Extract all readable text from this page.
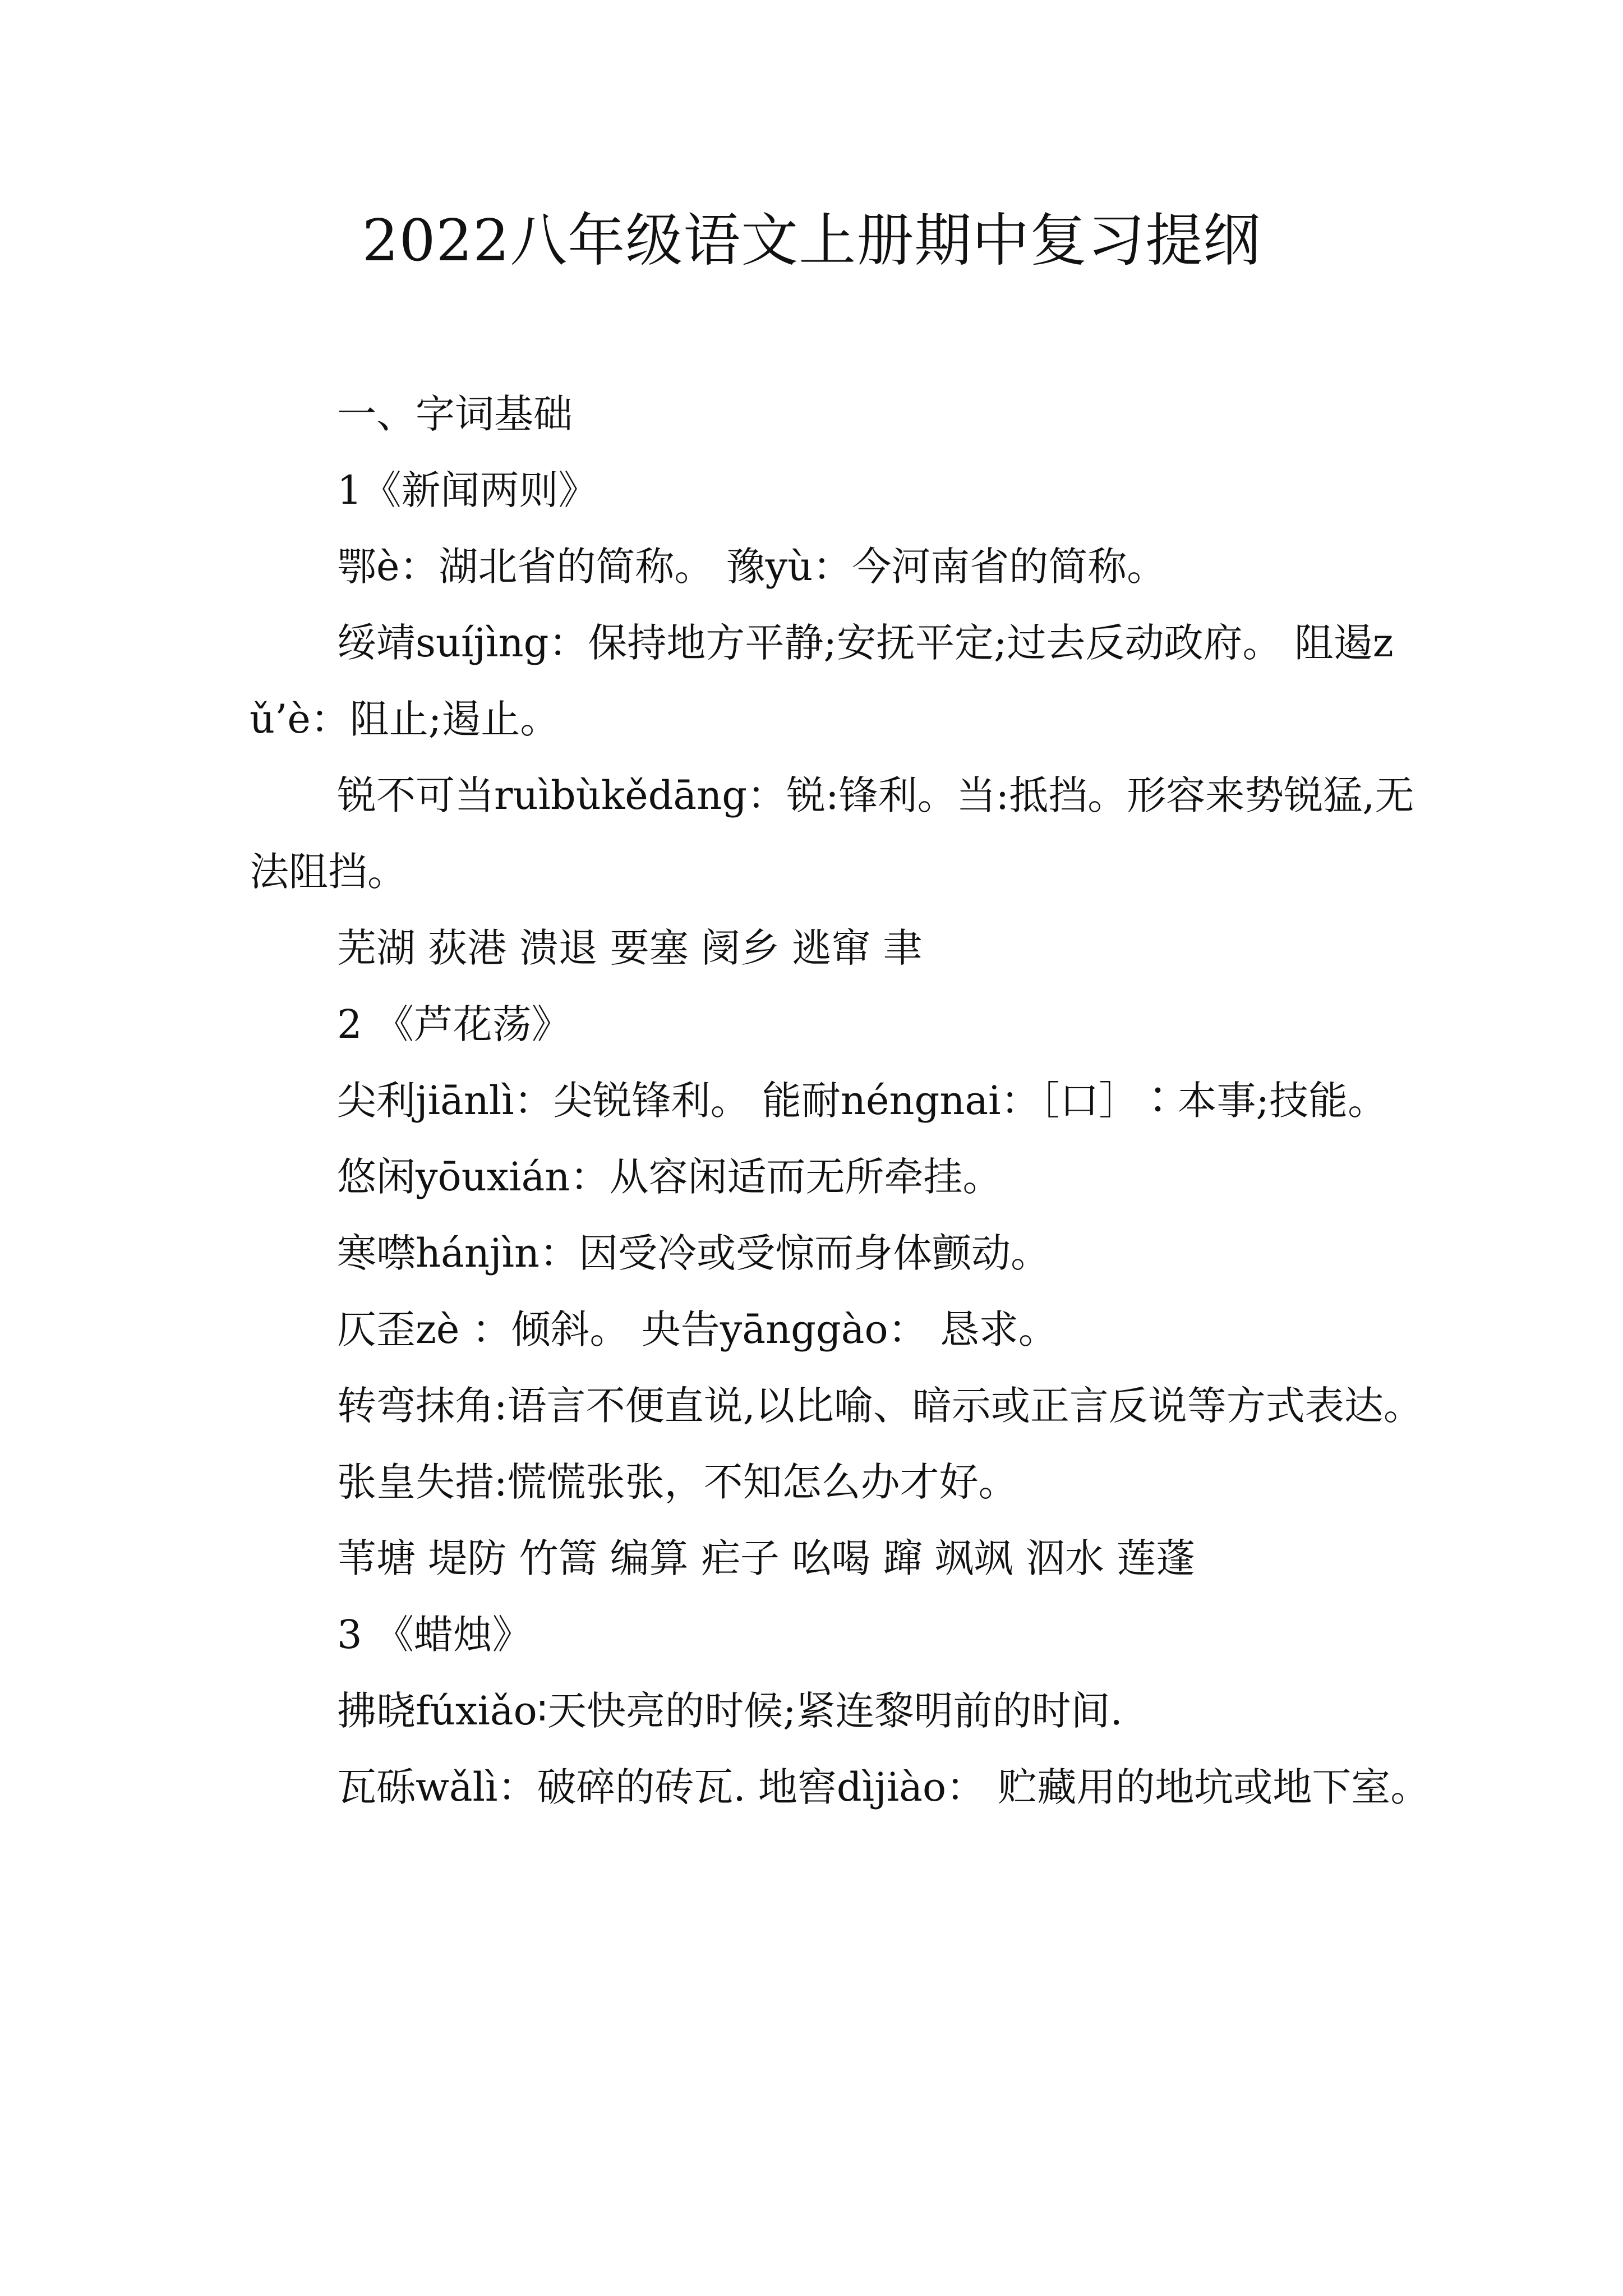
2022八年级语文上册期中复习提纲

一、字词基础

1《新闻两则》

鄂è：湖北省的简称。 豫yù：今河南省的简称。

绥靖suíjìng：保持地方平静;安抚平定;过去反动政府。 阻遏zǔ’è：阻止;遏止。

锐不可当ruìbùkědāng：锐:锋利。当:抵挡。形容来势锐猛,无法阻挡。

芜湖 荻港 溃退 要塞 阌乡 逃窜 聿

2 《芦花荡》

尖利jiānlì：尖锐锋利。 能耐néngnai：［口］∶本事;技能。

悠闲yōuxián：从容闲适而无所牵挂。

寒噤hánjìn：因受冷或受惊而身体颤动。

仄歪zè ：倾斜。 央告yānggào： 恳求。

转弯抹角:语言不便直说,以比喻、暗示或正言反说等方式表达。

张皇失措:慌慌张张，不知怎么办才好。

苇塘 堤防 竹篙 编算 疟子 吆喝 蹿 飒飒 泅水 莲蓬

3 《蜡烛》

拂晓fúxiǎo∶天快亮的时候;紧连黎明前的时间.

瓦砾wǎlì：破碎的砖瓦. 地窖dìjiào： 贮藏用的地坑或地下室。
